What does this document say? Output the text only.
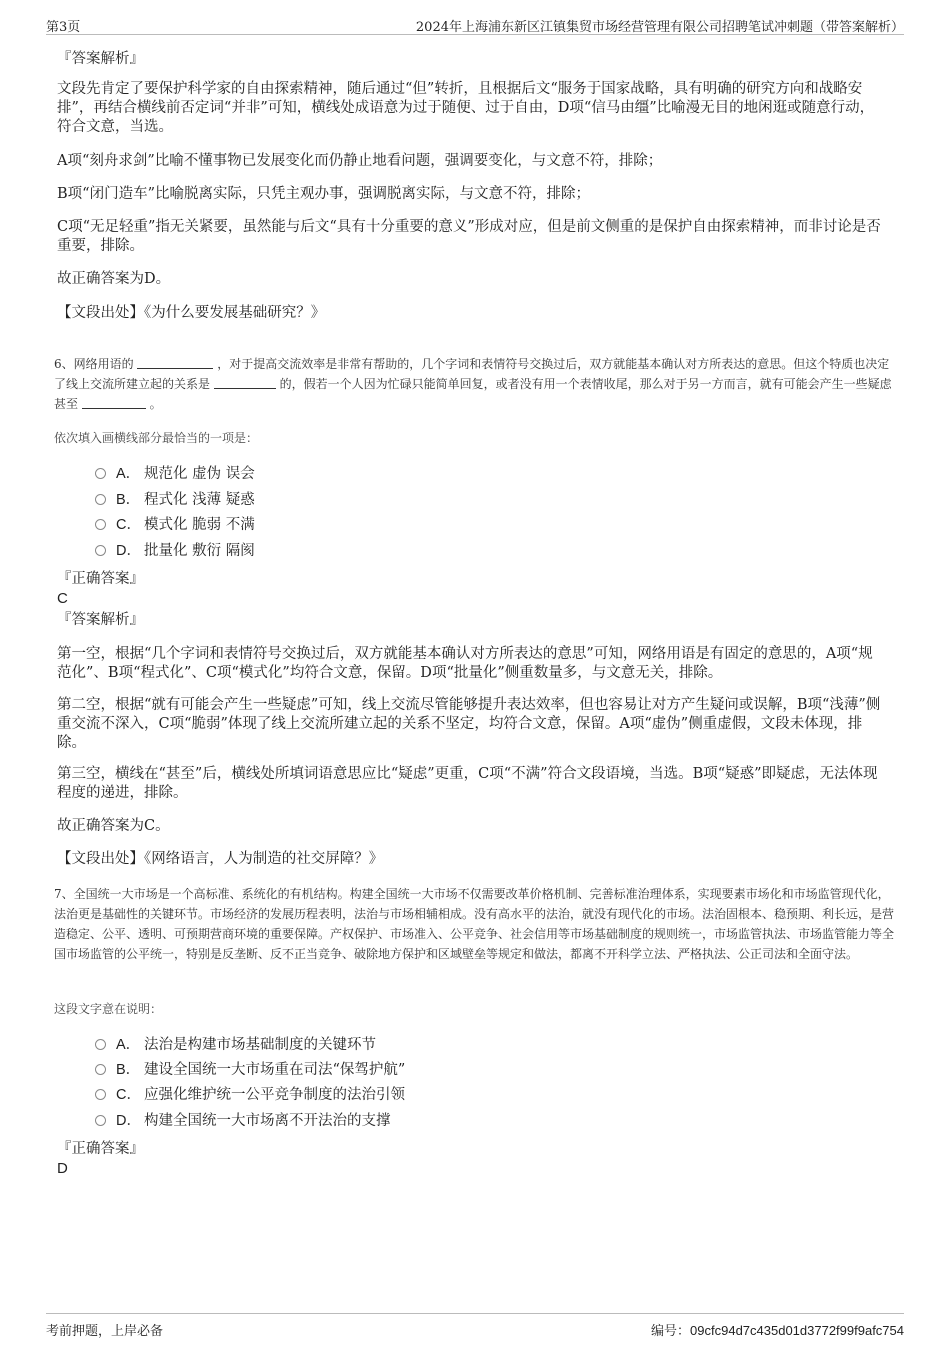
第3页	2024年上海浦东新区江镇集贸市场经营管理有限公司招聘笔试冲刺题（带答案解析）
『答案解析』
文段先肯定了要保护科学家的自由探索精神，随后通过“但”转折，且根据后文“服务于国家战略，具有明确的研究方向和战略安排”，再结合横线前否定词“并非”可知，横线处成语意为过于随便、过于自由，D项“信马由缰”比喻漫无目的地闲逛或随意行动，符合文意，当选。
A项“刻舟求剑”比喻不懂事物已发展变化而仍静止地看问题，强调要变化，与文意不符，排除；
B项“闭门造车”比喻脱离实际，只凭主观办事，强调脱离实际，与文意不符，排除；
C项“无足轻重”指无关紧要，虽然能与后文“具有十分重要的意义”形成对应，但是前文侧重的是保护自由探索精神，而非讨论是否重要，排除。
故正确答案为D。
【文段出处】《为什么要发展基础研究？》
6、网络用语的	，对于提高交流效率是非常有帮助的，几个字词和表情符号交换过后，双方就能基本确认对方所表达的意思。但这个特质也决定了线上交流所建立起的关系是	的，假若一个人因为忙碌只能简单回复，或者没有用一个表情收尾，那么对于另一方而言，就有可能会产生一些疑虑甚至	。
依次填入画横线部分最恰当的一项是：
A． 规范化 虚伪 误会
B． 程式化 浅薄 疑惑
C． 模式化 脆弱 不满
D． 批量化 敷衍 隔阂
『正确答案』
C
『答案解析』
第一空，根据“几个字词和表情符号交换过后，双方就能基本确认对方所表达的意思”可知，网络用语是有固定的意思的，A项“规范化”、B项“程式化”、C项“模式化”均符合文意，保留。D项“批量化”侧重数量多，与文意无关，排除。
第二空，根据“就有可能会产生一些疑虑”可知，线上交流尽管能够提升表达效率，但也容易让对方产生疑问或误解，B项“浅薄”侧重交流不深入，C项“脆弱”体现了线上交流所建立起的关系不坚定，均符合文意，保留。A项“虚伪”侧重虚假，文段未体现，排除。
第三空，横线在“甚至”后，横线处所填词语意思应比“疑虑”更重，C项“不满”符合文段语境，当选。B项“疑惑”即疑虑，无法体现程度的递进，排除。
故正确答案为C。
【文段出处】《网络语言，人为制造的社交屏障？》
7、全国统一大市场是一个高标准、系统化的有机结构。构建全国统一大市场不仅需要改革价格机制、完善标准治理体系，实现要素市场化和市场监管现代化，法治更是基础性的关键环节。市场经济的发展历程表明，法治与市场相辅相成。没有高水平的法治，就没有现代化的市场。法治固根本、稳预期、利长远，是营造稳定、公平、透明、可预期营商环境的重要保障。产权保护、市场准入、公平竞争、社会信用等市场基础制度的规则统一，市场监管执法、市场监管能力等全国市场监管的公平统一，特别是反垄断、反不正当竞争、破除地方保护和区域壁垒等规定和做法，都离不开科学立法、严格执法、公正司法和全面守法。
这段文字意在说明：
A． 法治是构建市场基础制度的关键环节
B． 建设全国统一大市场重在司法“保驾护航”
C． 应强化维护统一公平竞争制度的法治引领
D． 构建全国统一大市场离不开法治的支撑
『正确答案』
D
考前押题，上岸必备	编号：09cfc94d7c435d01d3772f99f9afc754
